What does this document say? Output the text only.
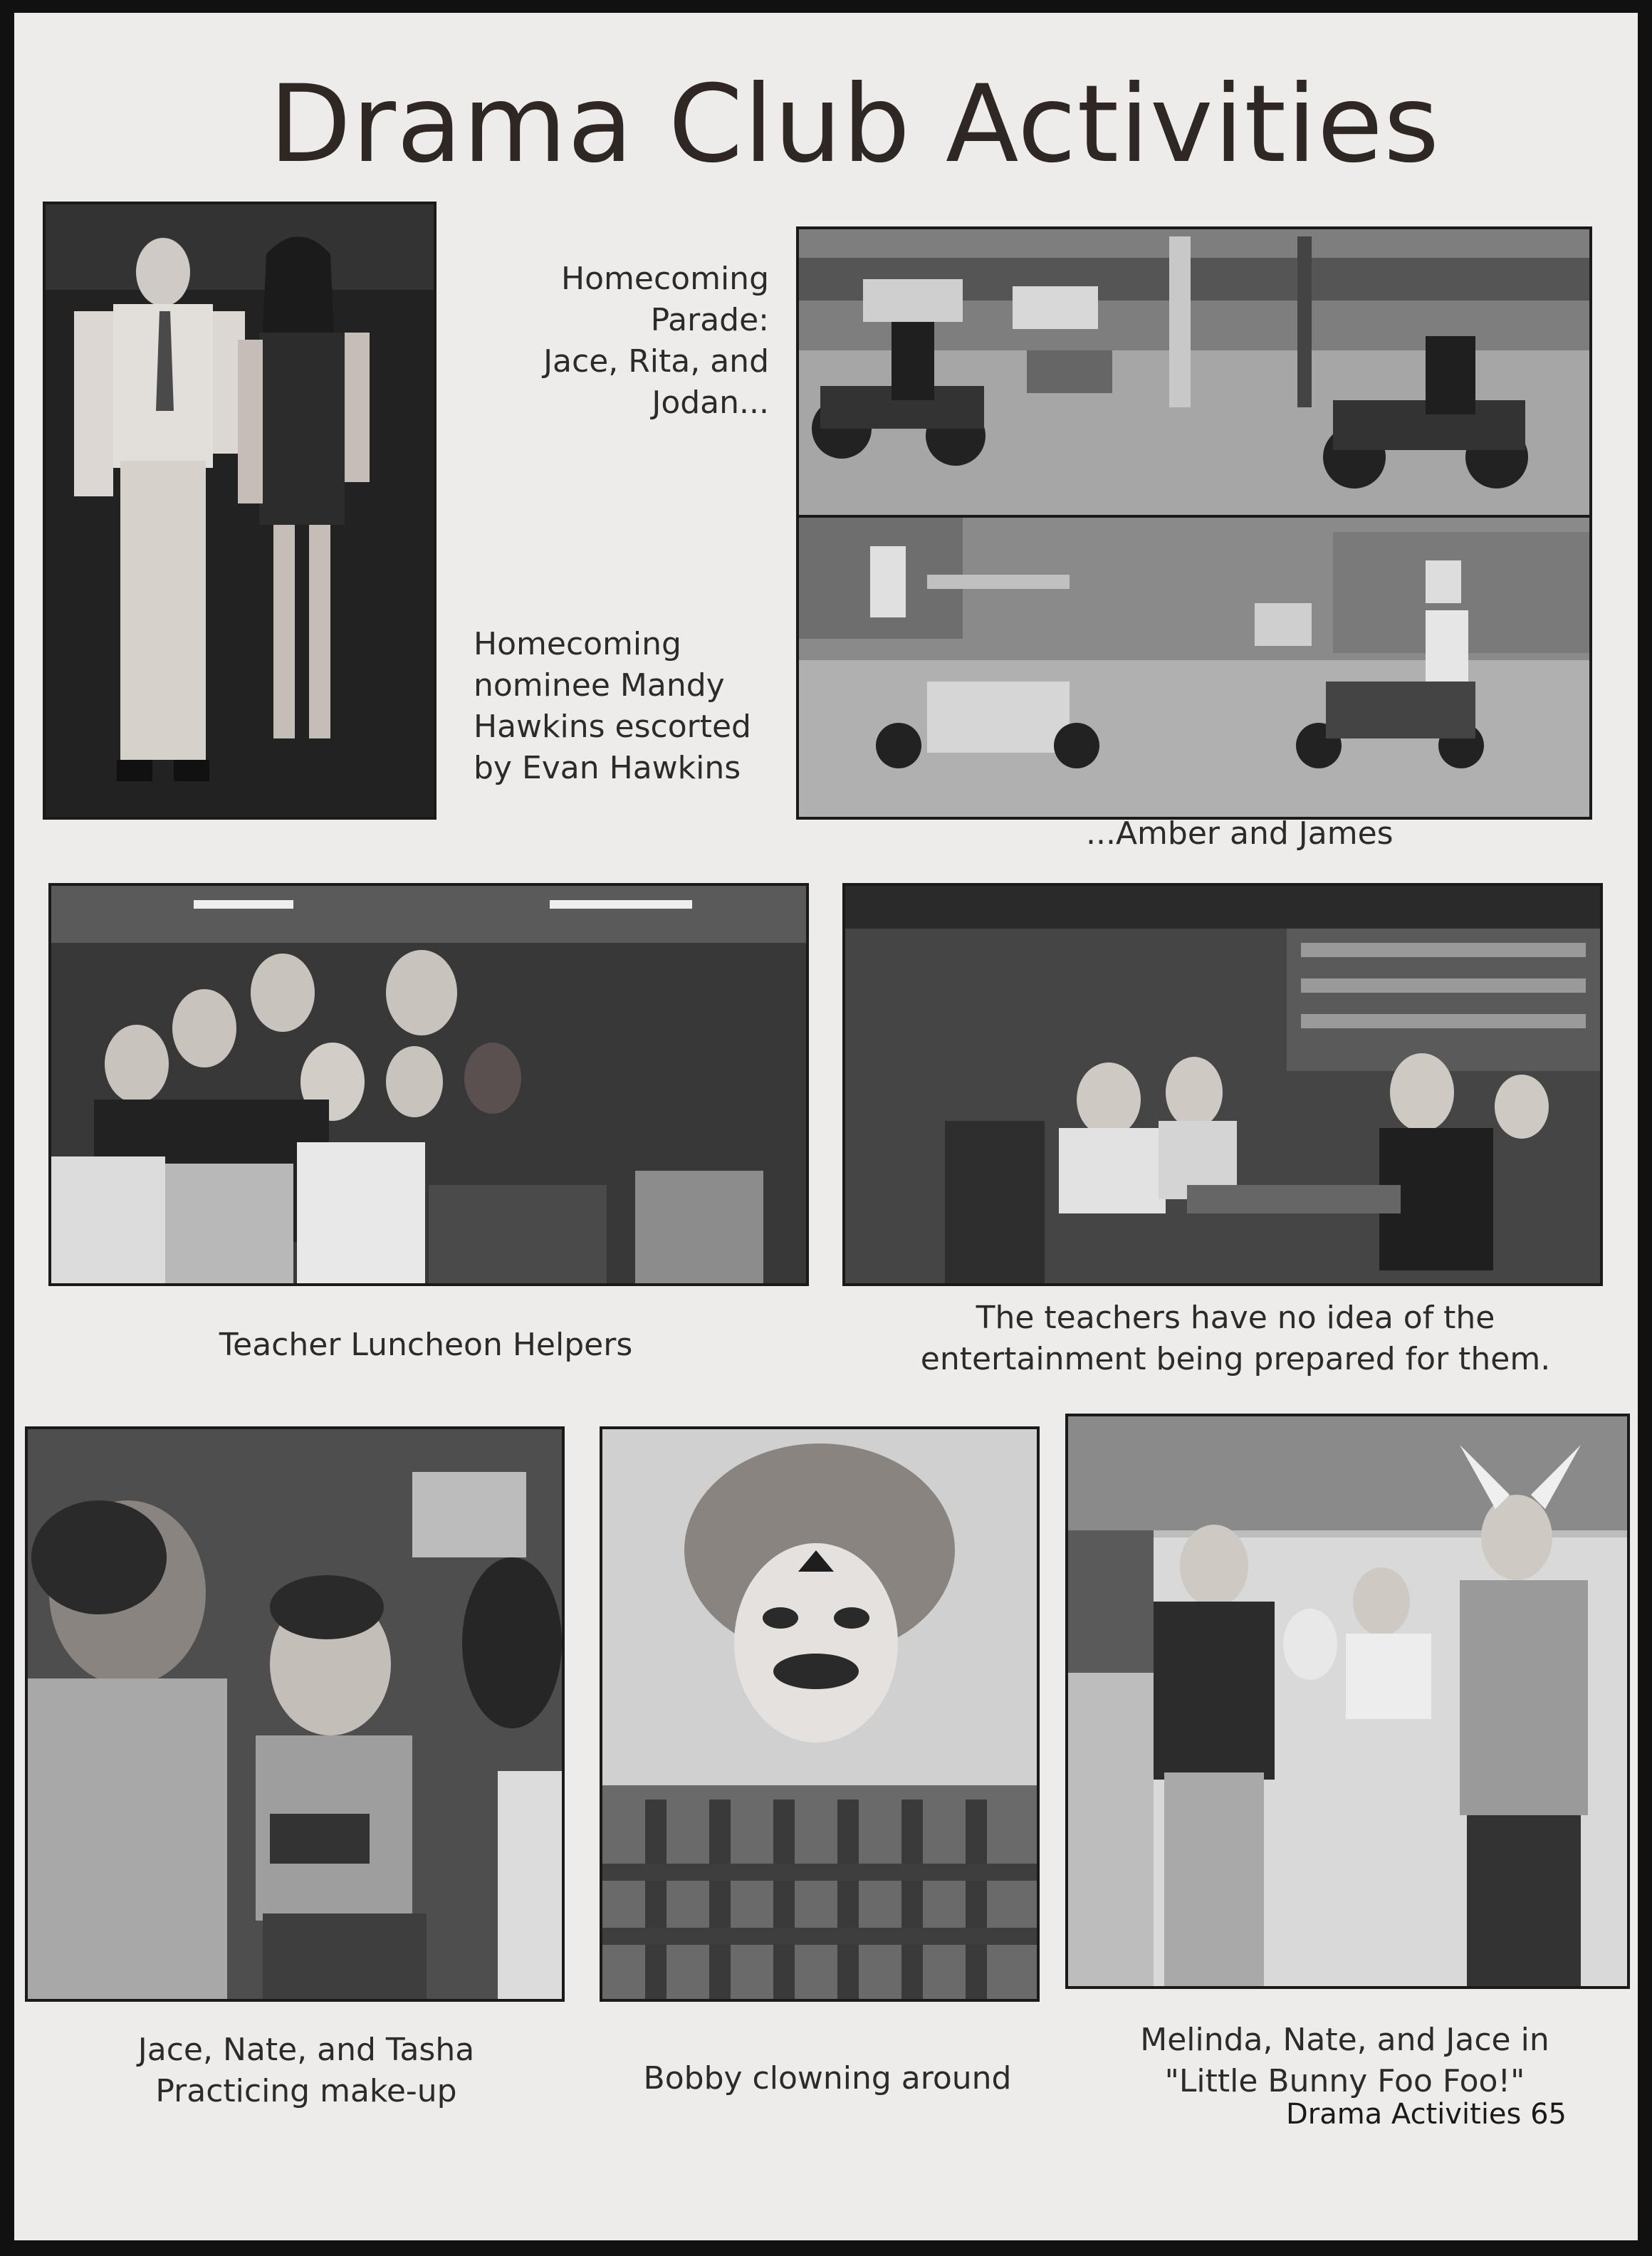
Drama Club Activities
Homecoming
Parade:
Jace, Rita, and
Jodan...
Homecoming
nominee Mandy
Hawkins escorted
by Evan Hawkins
...Amber and James
Teacher Luncheon Helpers
The teachers have no idea of the
entertainment being prepared for them.
Jace, Nate, and Tasha
Practicing make-up	Bobby clowning around
Melinda, Nate, and Jace in
"Little Bunny Foo Foo!"
Drama Activities 65
